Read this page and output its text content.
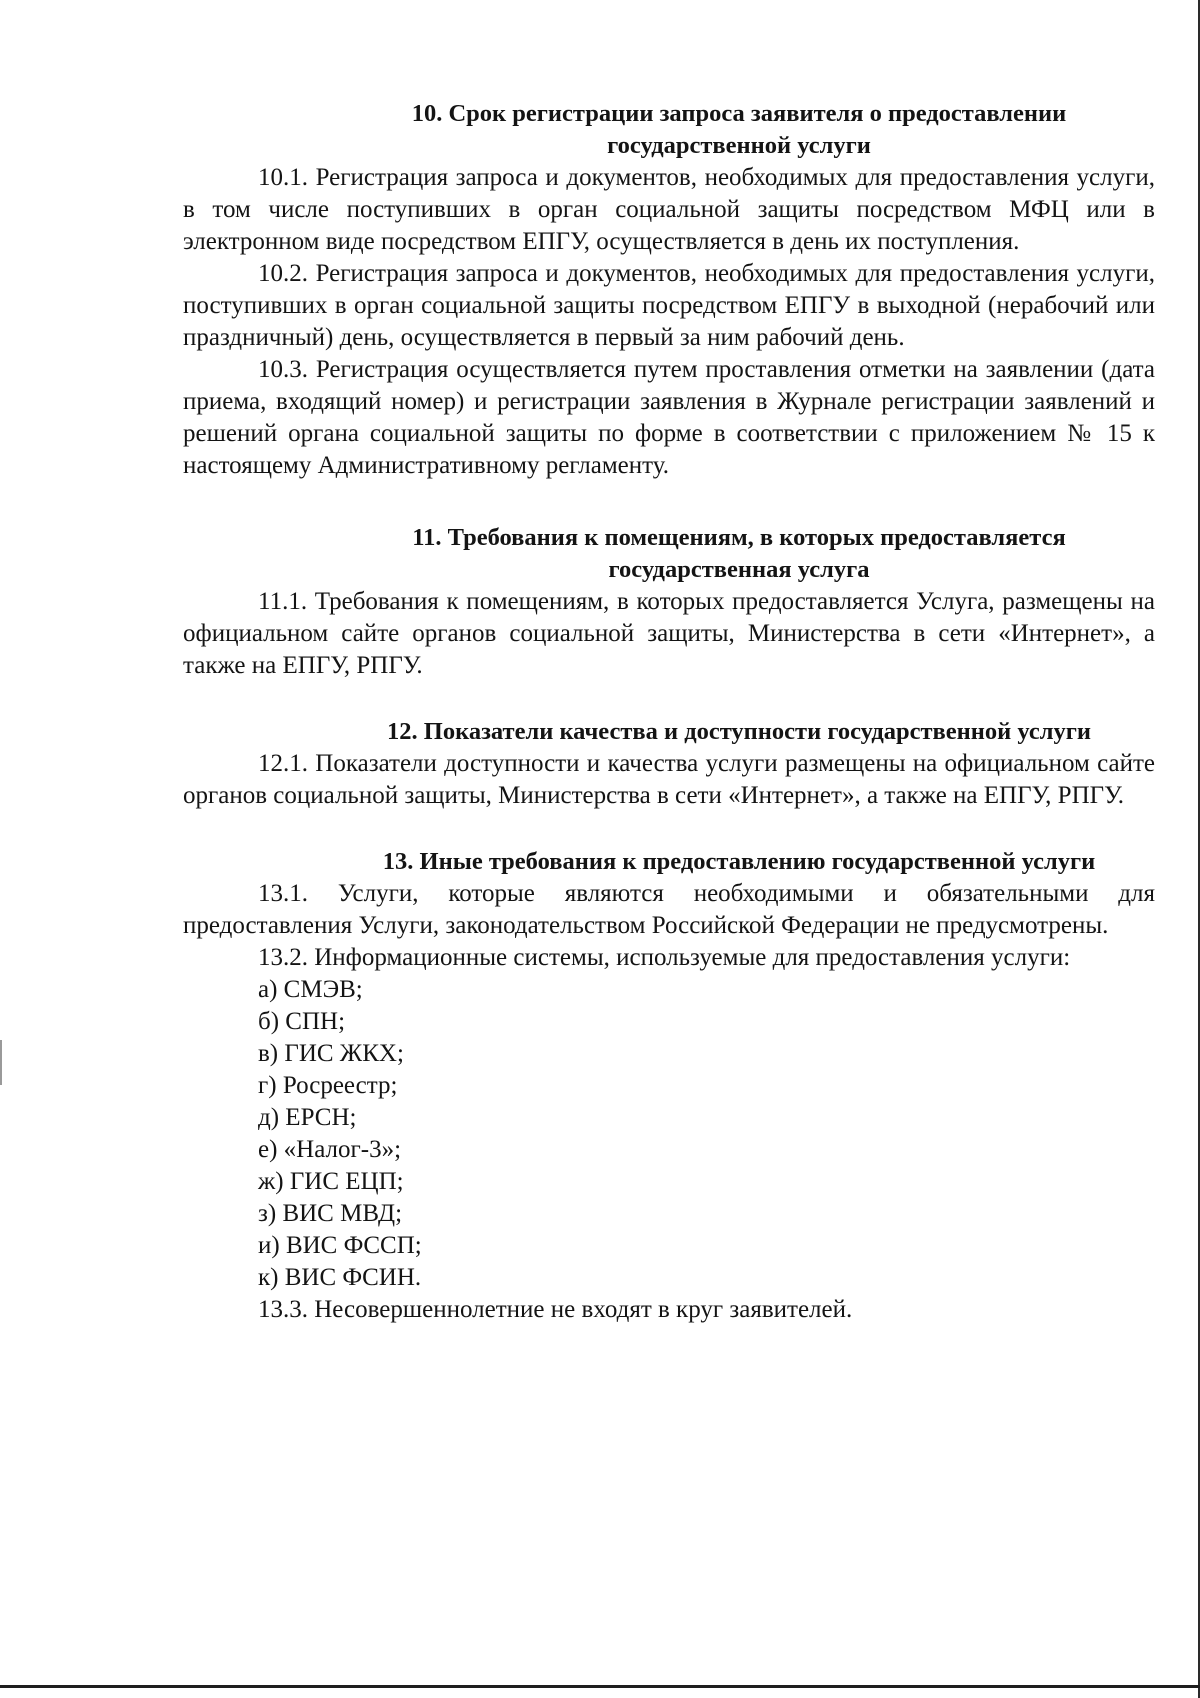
10. Срок регистрации запроса заявителя о предоставлении государственной услуги

10.1. Регистрация запроса и документов, необходимых для предоставления услуги, в том числе поступивших в орган социальной защиты посредством МФЦ или в электронном виде посредством ЕПГУ, осуществляется в день их поступления.

10.2. Регистрация запроса и документов, необходимых для предоставления услуги, поступивших в орган социальной защиты посредством ЕПГУ в выходной (нерабочий или праздничный) день, осуществляется в первый за ним рабочий день.

10.3. Регистрация осуществляется путем проставления отметки на заявлении (дата приема, входящий номер) и регистрации заявления в Журнале регистрации заявлений и решений органа социальной защиты по форме в соответствии с приложением № 15 к настоящему Административному регламенту.

11. Требования к помещениям, в которых предоставляется государственная услуга

11.1. Требования к помещениям, в которых предоставляется Услуга, размещены на официальном сайте органов социальной защиты, Министерства в сети «Интернет», а также на ЕПГУ, РПГУ.

12. Показатели качества и доступности государственной услуги

12.1. Показатели доступности и качества услуги размещены на официальном сайте органов социальной защиты, Министерства в сети «Интернет», а также на ЕПГУ, РПГУ.

13. Иные требования к предоставлению государственной услуги

13.1. Услуги, которые являются необходимыми и обязательными для предоставления Услуги, законодательством Российской Федерации не предусмотрены.

13.2. Информационные системы, используемые для предоставления услуги:

а) СМЭВ;
б) СПН;
в) ГИС ЖКХ;
г) Росреестр;
д) ЕРСН;
е) «Налог-3»;
ж) ГИС ЕЦП;
з) ВИС МВД;
и) ВИС ФССП;
к) ВИС ФСИН.

13.3. Несовершеннолетние не входят в круг заявителей.
